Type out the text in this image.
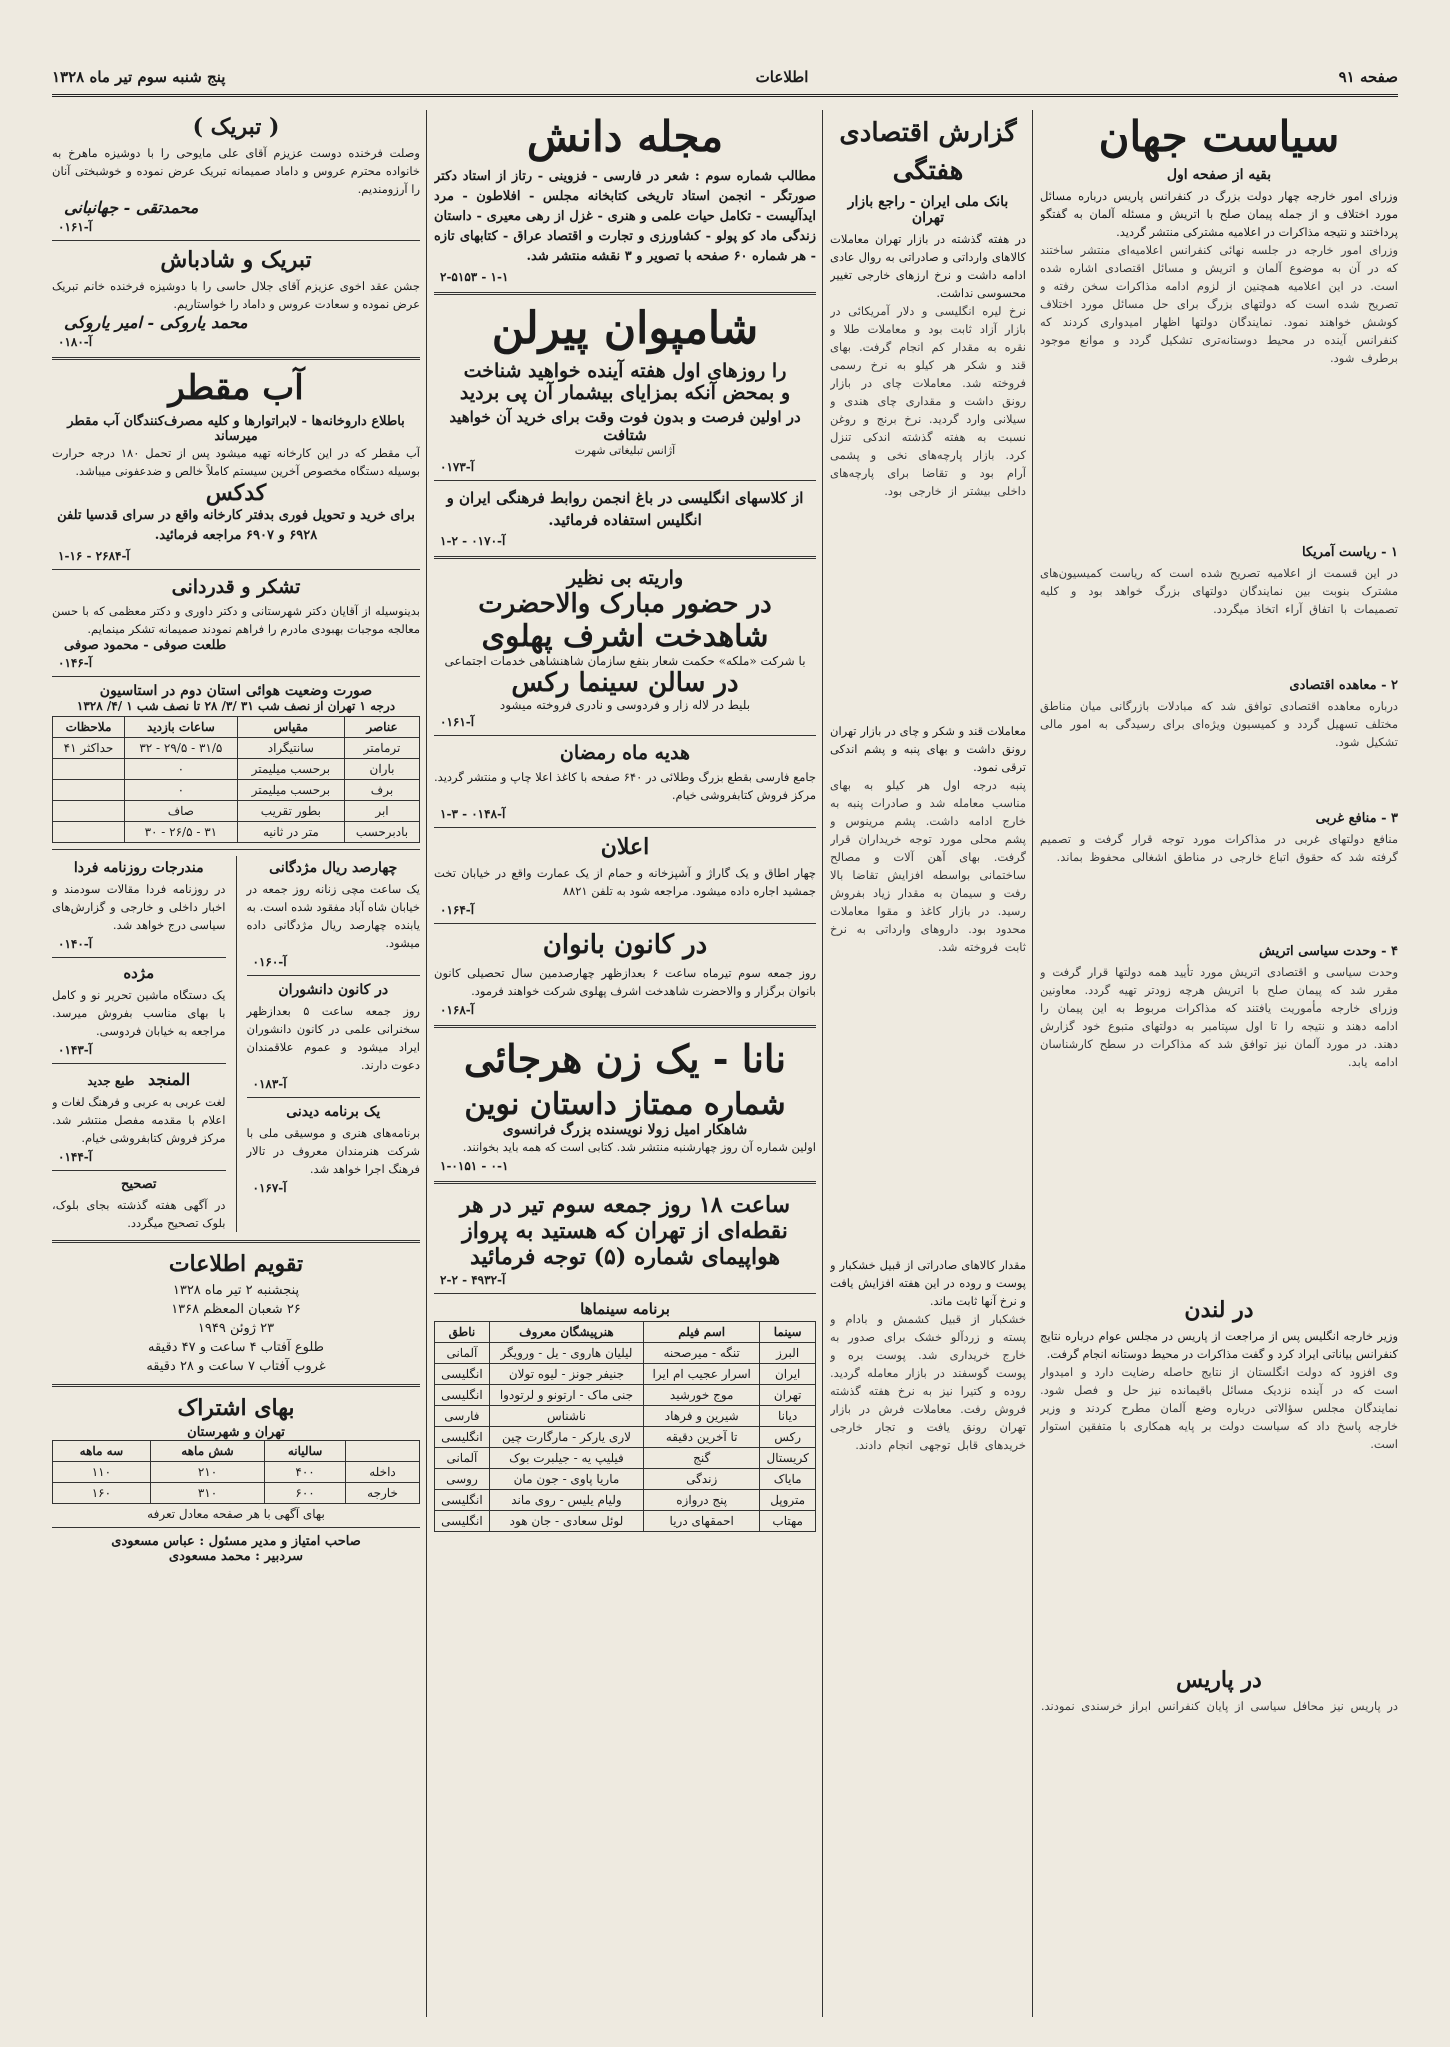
صفحه ۹۱
اطلاعات
پنج شنبه سوم تیر ماه ۱۳۲۸
سیاست جهان
بقیه از صفحه اول

وزرای امور خارجه چهار دولت بزرگ در کنفرانس پاریس درباره مسائل مورد اختلاف و از جمله پیمان صلح با اتریش و مسئله آلمان به گفتگو پرداختند و نتیجه مذاکرات در اعلامیه مشترکی منتشر گردید.

وزرای امور خارجه در جلسه نهائی کنفرانس اعلامیه‌ای منتشر ساختند که در آن به موضوع آلمان و اتریش و مسائل اقتصادی اشاره شده است. در این اعلامیه همچنین از لزوم ادامه مذاکرات سخن رفته و تصریح شده است که دولتهای بزرگ برای حل مسائل مورد اختلاف کوشش خواهند نمود. نمایندگان دولتها اظهار امیدواری کردند که کنفرانس آینده در محیط دوستانه‌تری تشکیل گردد و موانع موجود برطرف شود.
۱ - ریاست آمریکا
در این قسمت از اعلامیه تصریح شده است که ریاست کمیسیون‌های مشترک بنوبت بین نمایندگان دولتهای بزرگ خواهد بود و کلیه تصمیمات با اتفاق آراء اتخاذ میگردد.
۲ - معاهده اقتصادی
درباره معاهده اقتصادی توافق شد که مبادلات بازرگانی میان مناطق مختلف تسهیل گردد و کمیسیون ویژه‌ای برای رسیدگی به امور مالی تشکیل شود.
۳ - منافع غربی
منافع دولتهای غربی در مذاکرات مورد توجه قرار گرفت و تصمیم گرفته شد که حقوق اتباع خارجی در مناطق اشغالی محفوظ بماند.
۴ - وحدت سیاسی اتریش
وحدت سیاسی و اقتصادی اتریش مورد تأیید همه دولتها قرار گرفت و مقرر شد که پیمان صلح با اتریش هرچه زودتر تهیه گردد. معاونین وزرای خارجه مأموریت یافتند که مذاکرات مربوط به این پیمان را ادامه دهند و نتیجه را تا اول سپتامبر به دولتهای متبوع خود گزارش دهند. در مورد آلمان نیز توافق شد که مذاکرات در سطح کارشناسان ادامه یابد.
در لندن

وزیر خارجه انگلیس پس از مراجعت از پاریس در مجلس عوام درباره نتایج کنفرانس بیاناتی ایراد کرد و گفت مذاکرات در محیط دوستانه انجام گرفت.

وی افزود که دولت انگلستان از نتایج حاصله رضایت دارد و امیدوار است که در آینده نزدیک مسائل باقیمانده نیز حل و فصل شود. نمایندگان مجلس سؤالاتی درباره وضع آلمان مطرح کردند و وزیر خارجه پاسخ داد که سیاست دولت بر پایه همکاری با متفقین استوار است.
در پاریس
در پاریس نیز محافل سیاسی از پایان کنفرانس ابراز خرسندی نمودند.
گزارش اقتصادی هفتگی
بانک ملی ایران - راجع بازار تهران

در هفته گذشته در بازار تهران معاملات کالاهای وارداتی و صادراتی به روال عادی ادامه داشت و نرخ ارزهای خارجی تغییر محسوسی نداشت.

نرخ لیره انگلیسی و دلار آمریکائی در بازار آزاد ثابت بود و معاملات طلا و نقره به مقدار کم انجام گرفت. بهای قند و شکر هر کیلو به نرخ رسمی فروخته شد. معاملات چای در بازار رونق داشت و مقداری چای هندی و سیلانی وارد گردید. نرخ برنج و روغن نسبت به هفته گذشته اندکی تنزل کرد. بازار پارچه‌های نخی و پشمی آرام بود و تقاضا برای پارچه‌های داخلی بیشتر از خارجی بود.

معاملات قند و شکر و چای در بازار تهران رونق داشت و بهای پنبه و پشم اندکی ترقی نمود.

پنبه درجه اول هر کیلو به بهای مناسب معامله شد و صادرات پنبه به خارج ادامه داشت. پشم مرینوس و پشم محلی مورد توجه خریداران قرار گرفت. بهای آهن آلات و مصالح ساختمانی بواسطه افزایش تقاضا بالا رفت و سیمان به مقدار زیاد بفروش رسید. در بازار کاغذ و مقوا معاملات محدود بود. داروهای وارداتی به نرخ ثابت فروخته شد.

مقدار کالاهای صادراتی از قبیل خشکبار و پوست و روده در این هفته افزایش یافت و نرخ آنها ثابت ماند.

خشکبار از قبیل کشمش و بادام و پسته و زردآلو خشک برای صدور به خارج خریداری شد. پوست بره و پوست گوسفند در بازار معامله گردید. روده و کتیرا نیز به نرخ هفته گذشته فروش رفت. معاملات فرش در بازار تهران رونق یافت و تجار خارجی خریدهای قابل توجهی انجام دادند.
مجله دانش

مطالب شماره سوم : شعر در فارسی - فزوینی - رتاز از استاد دکتر صورتگر - انجمن استاد تاریخی کتابخانه مجلس - افلاطون - مرد ایدآلیست - تکامل حیات علمی و هنری - غزل از رهی معیری - داستان زندگی ماد کو پولو - کشاورزی و تجارت و اقتصاد عراق - کتابهای تازه - هر شماره ۶۰ صفحه با تصویر و ۳ نقشه منتشر شد.

۲-۵۱۵۳ - ۱-۱
شامپوان پیرلن
را روزهای اول هفته آینده خواهید شناخت
و بمحض آنکه بمزایای بیشمار آن پی بردید
در اولین فرصت و بدون فوت وقت برای خرید آن خواهید شتافت
آژانس تبلیغاتی شهرت
آ-۰۱۷۳
از کلاسهای انگلیسی در باغ انجمن روابط فرهنگی ایران و انگلیس استفاده فرمائید.
آ-۰۱۷۰ - ۲-۱
واریته بی نظیر
در حضور مبارک والاحضرت
شاهدخت اشرف پهلوی
با شرکت «ملکه» حکمت شعار بنفع سازمان شاهنشاهی خدمات اجتماعی
در سالن سینما رکس
بلیط در لاله زار و فردوسی و نادری فروخته میشود
آ-۰۱۶۱
هدیه ماه رمضان

جامع فارسی بقطع بزرگ وطلائی در ۶۴۰ صفحه با کاغذ اعلا چاپ و منتشر گردید. مرکز فروش کتابفروشی خیام.

آ-۰۱۴۸ - ۳-۱
اعلان

چهار اطاق و یک گاراژ و آشپزخانه و حمام از یک عمارت واقع در خیابان تخت جمشید اجاره داده میشود. مراجعه شود به تلفن ۸۸۲۱

آ-۰۱۶۴
در کانون بانوان

روز جمعه سوم تیرماه ساعت ۶ بعدازظهر چهارصدمین سال تحصیلی کانون بانوان برگزار و والاحضرت شاهدخت اشرف پهلوی شرکت خواهند فرمود.

آ-۰۱۶۸
نانا - یک زن هرجائی
شماره ممتاز داستان نوین
شاهکار امیل زولا نویسنده بزرگ فرانسوی

اولین شماره آن روز چهارشنبه منتشر شد. کتابی است که همه باید بخوانند.

۱-۰۱۵۱ - ۰-۱
ساعت ۱۸ روز جمعه سوم تیر در هر
نقطه‌ای از تهران که هستید به پرواز
هواپیمای شماره (۵) توجه فرمائید
آ-۴۹۳۲ - ۲-۲
برنامه سینماها
سینما	اسم فیلم	هنرپیشگان معروف	ناطق
البرز	تنگه - میرصحنه	لیلیان هاروی - یل - ورویگر	آلمانی
ایران	اسرار عجیب ام ایرا	جنیفر جونز - لیوه تولان	انگلیسی
تهران	موج خورشید	جنی ماک - ارتونو و لرتودوا	انگلیسی
دیانا	شیرین و فرهاد	ناشناس	فارسی
رکس	تا آخرین دقیقه	لاری یارکر - مارگارت چین	انگلیسی
کریستال	گنج	فیلیپ یه - جیلبرت بوک	آلمانی
مایاک	زندگی	ماریا پاوی - جون مان	روسی
متروپل	پنج دروازه	ولیام یلیس - روی ماند	انگلیسی
مهتاب	احمقهای دریا	لوئل سعادی - جان هود	انگلیسی
( تبریک )

وصلت فرخنده دوست عزیزم آقای علی مایوحی را با دوشیزه ماهرخ به خانواده محترم عروس و داماد صمیمانه تبریک عرض نموده و خوشبختی آنان را آرزومندیم.

محمدتقی - جهانبانی
آ-۰۱۶۱
تبریک و شادباش

جشن عقد اخوی عزیزم آقای جلال حاسی را با دوشیزه فرخنده خانم تبریک عرض نموده و سعادت عروس و داماد را خواستاریم.

محمد یاروکی - امیر یاروکی
آ-۰۱۸۰
آب مقطر
باطلاع داروخانه‌ها - لابراتوارها و کلیه مصرف‌کنندگان آب مقطر میرساند

آب مقطر که در این کارخانه تهیه میشود پس از تحمل ۱۸۰ درجه حرارت بوسیله دستگاه مخصوص آخرین سیستم کاملاً خالص و ضدعفونی میباشد.

کدکس
برای خرید و تحویل فوری بدفتر کارخانه واقع در سرای قدسیا تلفن ۶۹۲۸ و ۶۹۰۷ مراجعه فرمائید.
آ-۲۶۸۴ - ۱۶-۱
تشکر و قدردانی

بدینوسیله از آقایان دکتر شهرستانی و دکتر داوری و دکتر معظمی که با حسن معالجه موجبات بهبودی مادرم را فراهم نمودند صمیمانه تشکر مینمایم.

طلعت صوفی - محمود صوفی
آ-۰۱۴۶
صورت وضعیت هوائی استان دوم در استاسیون
درجه ۱ تهران از نصف شب ۳۱ /۳/ ۲۸ تا نصف شب ۱ /۴/ ۱۳۲۸
عناصر	مقیاس	ساعات بازدید	ملاحظات
ترمامتر	سانتیگراد	۳۱/۵ - ۲۹/۵ - ۳۲	حداکثر ۴۱
باران	برحسب میلیمتر	۰	
برف	برحسب میلیمتر	۰	
ابر	بطور تقریب	صاف	
بادبرحسب	متر در ثانیه	۳۱ - ۲۶/۵ - ۳۰	
چهارصد ریال مژدگانی

یک ساعت مچی زنانه روز جمعه در خیابان شاه آباد مفقود شده است. به یابنده چهارصد ریال مژدگانی داده میشود.

آ-۰۱۶۰
در کانون دانشوران

روز جمعه ساعت ۵ بعدازظهر سخنرانی علمی در کانون دانشوران ایراد میشود و عموم علاقمندان دعوت دارند.

آ-۰۱۸۳
یک برنامه دیدنی

برنامه‌های هنری و موسیقی ملی با شرکت هنرمندان معروف در تالار فرهنگ اجرا خواهد شد.

آ-۰۱۶۷
مندرجات روزنامه فردا

در روزنامه فردا مقالات سودمند و اخبار داخلی و خارجی و گزارش‌های سیاسی درج خواهد شد.

آ-۰۱۴۰
مژده

یک دستگاه ماشین تحریر نو و کامل با بهای مناسب بفروش میرسد. مراجعه به خیابان فردوسی.

آ-۰۱۴۳
المنجد طبع جدید

لغت عربی به عربی و فرهنگ لغات و اعلام با مقدمه مفصل منتشر شد. مرکز فروش کتابفروشی خیام.

آ-۰۱۴۴
تصحیح

در آگهی هفته گذشته بجای بلوک، بلوک تصحیح میگردد.

تقویم اطلاعات
پنجشنبه ۲ تیر ماه ۱۳۲۸
۲۶ شعبان المعظم ۱۳۶۸
۲۳ ژوئن ۱۹۴۹
طلوع آفتاب ۴ ساعت و ۴۷ دقیقه
غروب آفتاب ۷ ساعت و ۲۸ دقیقه
بهای اشتراک
تهران و شهرستان
	سالیانه	شش ماهه	سه ماهه
داخله	۴۰۰	۲۱۰	۱۱۰
خارجه	۶۰۰	۳۱۰	۱۶۰
بهای آگهی با هر صفحه معادل تعرفه
صاحب امتیاز و مدیر مسئول : عباس مسعودی
سردبیر : محمد مسعودی
